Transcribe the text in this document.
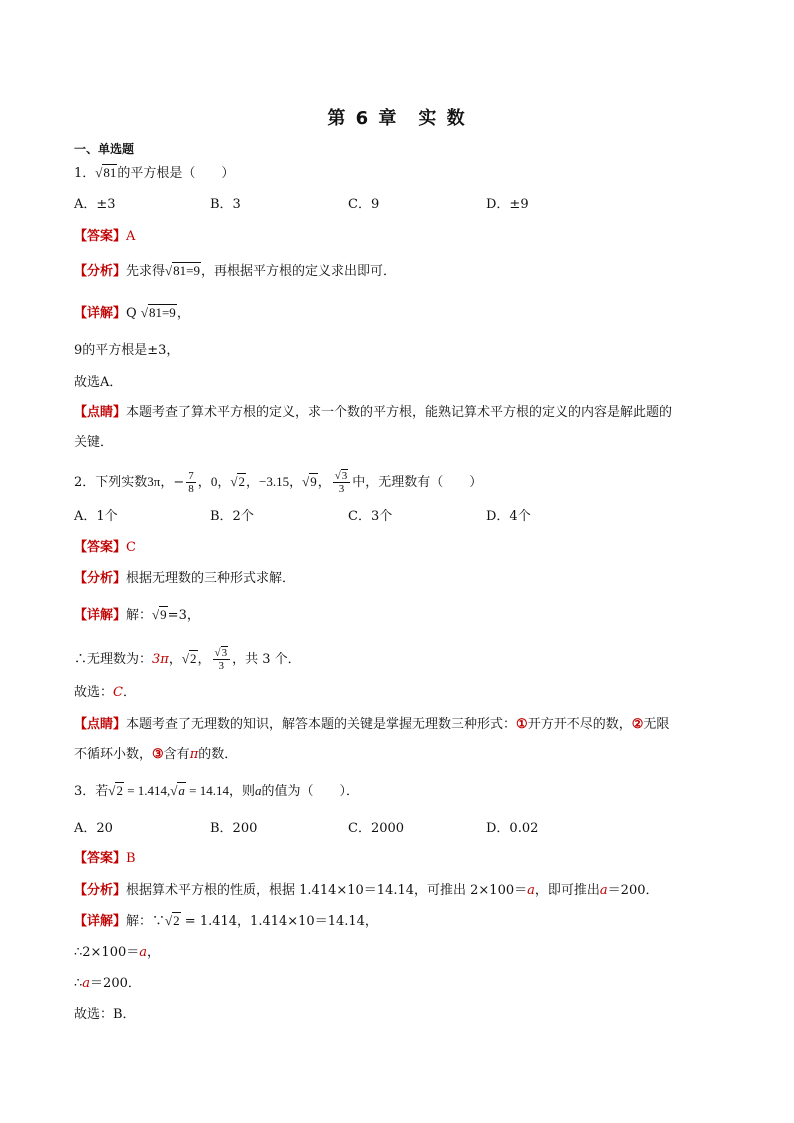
第 6 章　实 数
一、单选题
1．√81的平方根是（　　）
A．±3	B．3	C．9	D．±9
【答案】A
【分析】先求得√81=9，再根据平方根的定义求出即可．
【详解】Q √81=9，
9的平方根是±3，
故选A．
【点睛】本题考查了算术平方根的定义，求一个数的平方根，能熟记算术平方根的定义的内容是解此题的
关键．
2．下列实数3π，− $\frac{7}{8}$ ，0，√2，−3.15，√9， $\frac{√3}{3}$ 中，无理数有（　　）
A．1个	B．2个	C．3个	D．4个
【答案】C
【分析】根据无理数的三种形式求解．
【详解】解：√9=3，
∴无理数为：3π，√2， $\frac{√3}{3}$ ，共 3 个．
故选：C．
【点睛】本题考查了无理数的知识，解答本题的关键是掌握无理数三种形式：①开方开不尽的数，②无限
不循环小数，③含有π的数．
3．若√2 = 1.414,√a = 14.14，则a的值为（　　）．
A．20	B．200	C．2000	D．0.02
【答案】B
【分析】根据算术平方根的性质，根据 1.414×10＝14.14，可推出 2×100＝a，即可推出a＝200．
【详解】解：∵√2 = 1.414，1.414×10＝14.14，
∴2×100＝a，
∴a＝200．
故选：B．
